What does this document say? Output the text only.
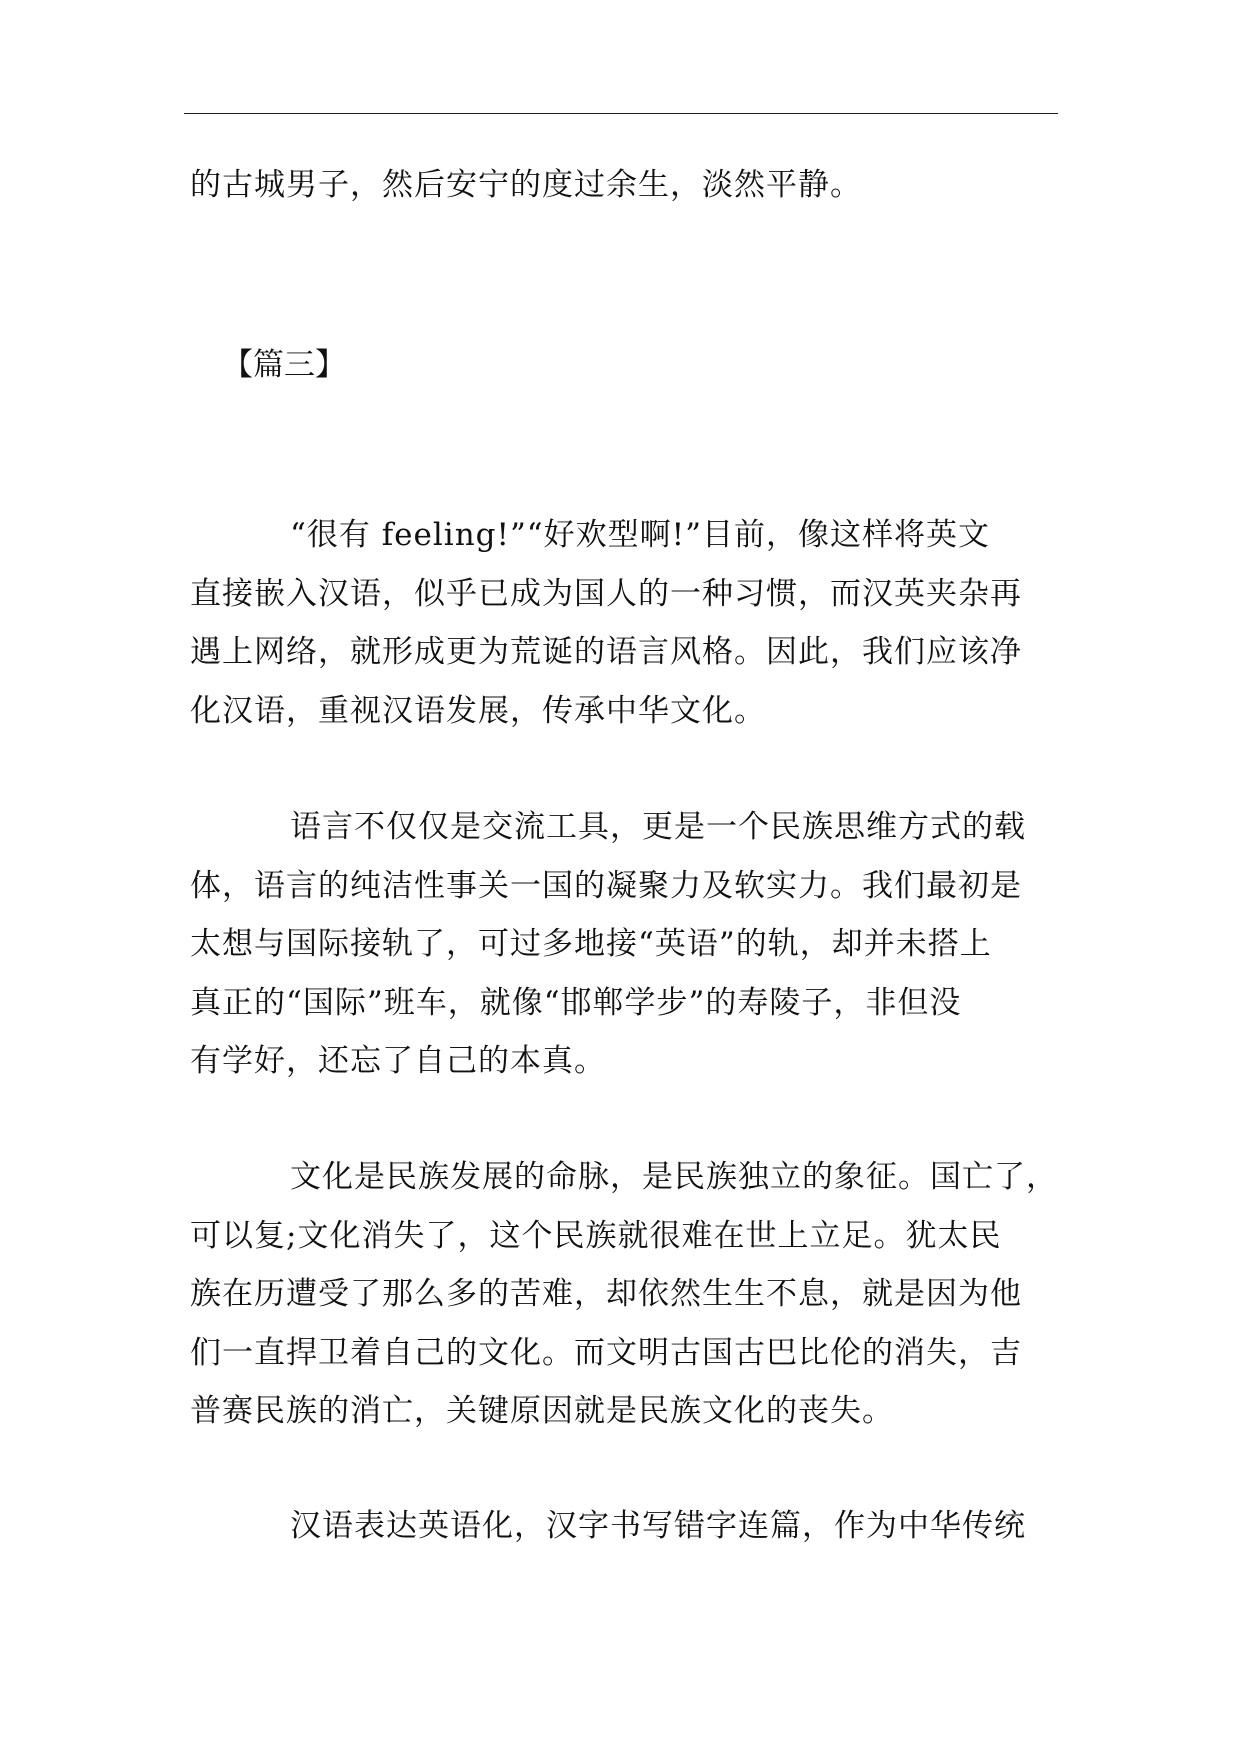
的古城男子，然后安宁的度过余生，淡然平静。
【篇三】
“很有 feeling!”“好欢型啊!”目前，像这样将英文
直接嵌入汉语，似乎已成为国人的一种习惯，而汉英夹杂再
遇上网络，就形成更为荒诞的语言风格。因此，我们应该净
化汉语，重视汉语发展，传承中华文化。
语言不仅仅是交流工具，更是一个民族思维方式的载
体，语言的纯洁性事关一国的凝聚力及软实力。我们最初是
太想与国际接轨了，可过多地接“英语”的轨，却并未搭上
真正的“国际”班车，就像“邯郸学步”的寿陵子，非但没
有学好，还忘了自己的本真。
文化是民族发展的命脉，是民族独立的象征。国亡了，
可以复;文化消失了，这个民族就很难在世上立足。犹太民
族在历遭受了那么多的苦难，却依然生生不息，就是因为他
们一直捍卫着自己的文化。而文明古国古巴比伦的消失，吉
普赛民族的消亡，关键原因就是民族文化的丧失。
汉语表达英语化，汉字书写错字连篇，作为中华传统
